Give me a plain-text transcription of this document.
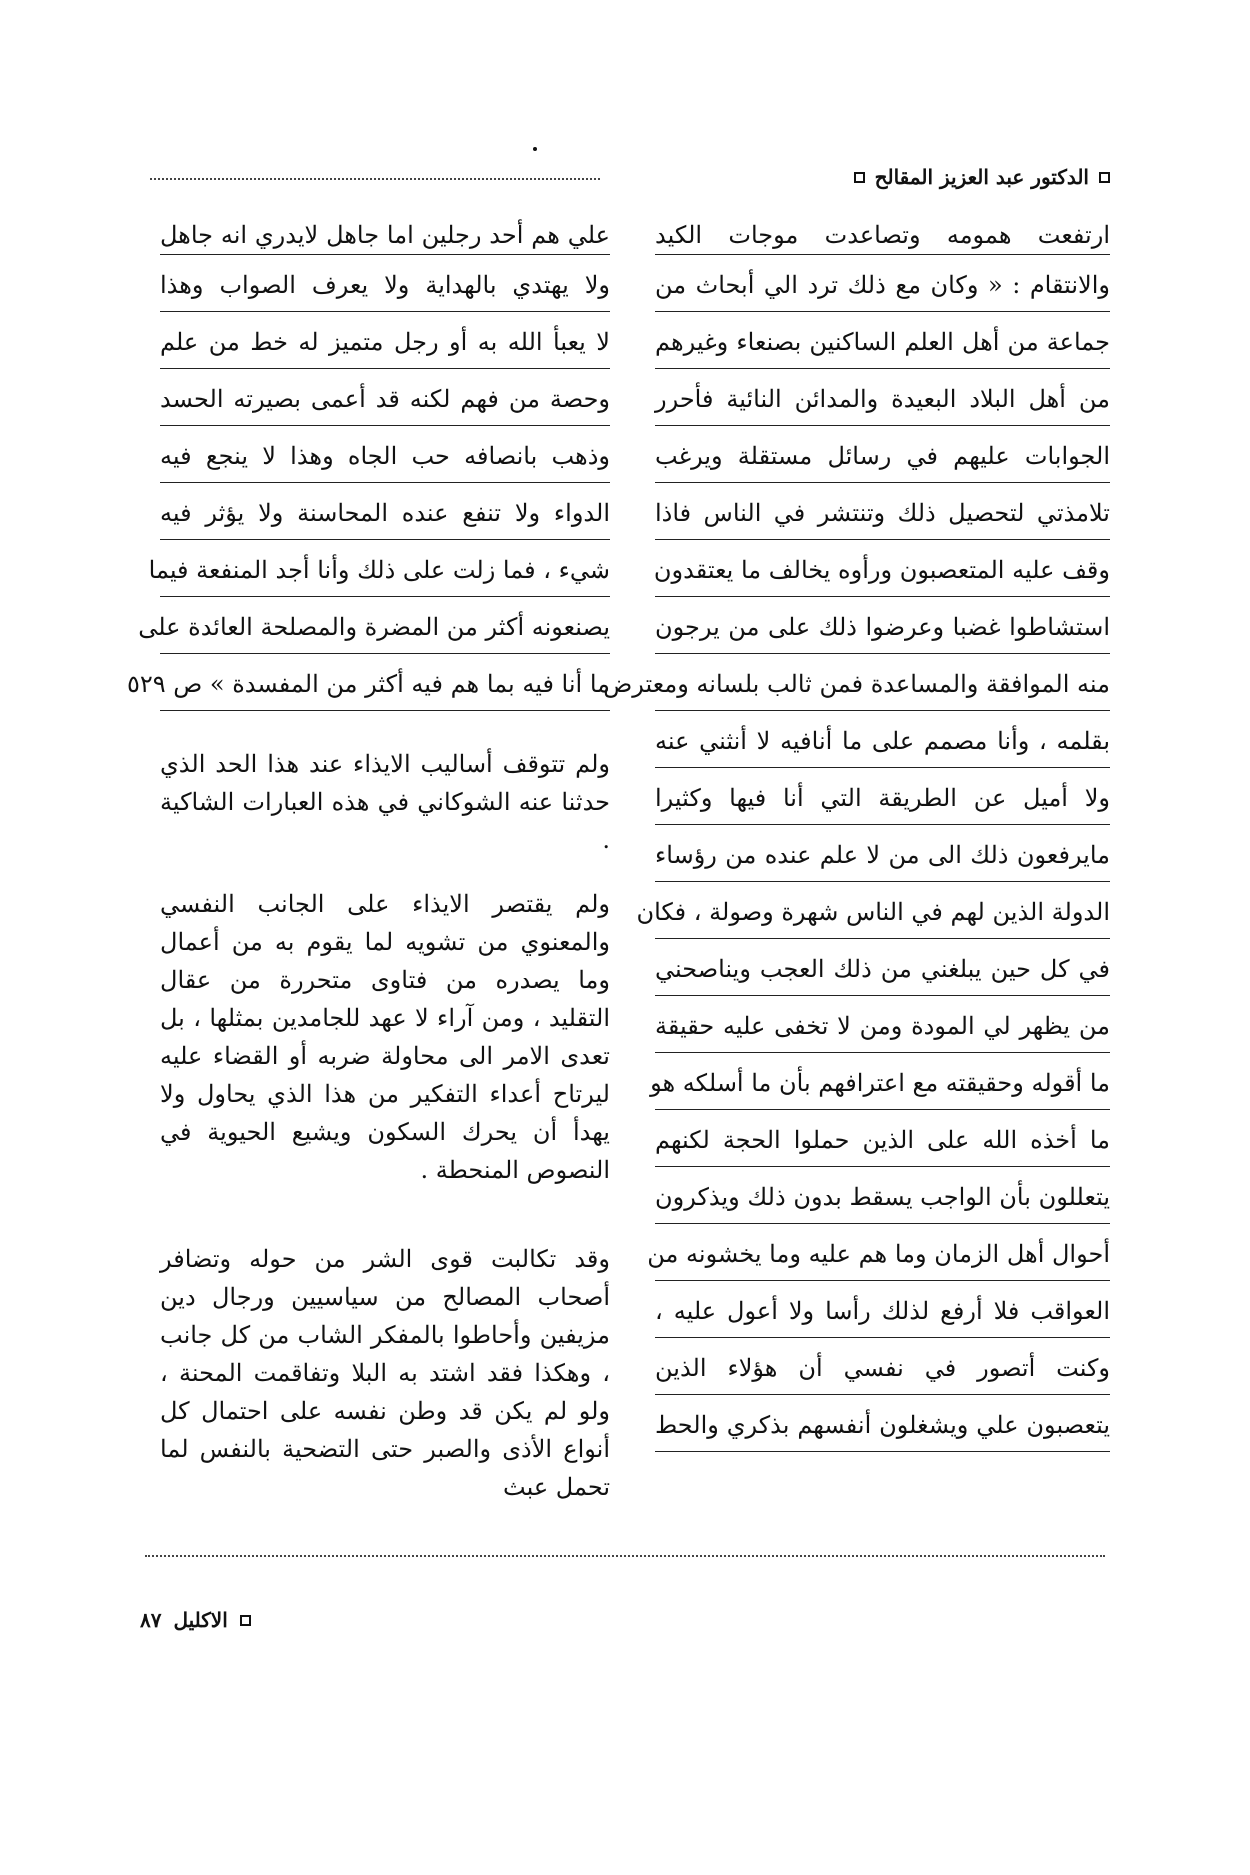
الدكتور عبد العزيز المقالح
ارتفعت همومه وتصاعدت موجات الكيد
والانتقام : « وكان مع ذلك ترد الي أبحاث من
جماعة من أهل العلم الساكنين بصنعاء وغيرهم
من أهل البلاد البعيدة والمدائن النائية فأحرر
الجوابات عليهم في رسائل مستقلة ويرغب
تلامذتي لتحصيل ذلك وتنتشر في الناس فاذا
وقف عليه المتعصبون ورأوه يخالف ما يعتقدون
استشاطوا غضبا وعرضوا ذلك على من يرجون
منه الموافقة والمساعدة فمن ثالب بلسانه ومعترض
بقلمه ، وأنا مصمم على ما أنافيه لا أنثني عنه
ولا أميل عن الطريقة التي أنا فيها وكثيرا
مايرفعون ذلك الى من لا علم عنده من رؤساء
الدولة الذين لهم في الناس شهرة وصولة ، فكان
في كل حين يبلغني من ذلك العجب ويناصحني
من يظهر لي المودة ومن لا تخفى عليه حقيقة
ما أقوله وحقيقته مع اعترافهم بأن ما أسلكه هو
ما أخذه الله على الذين حملوا الحجة لكنهم
يتعللون بأن الواجب يسقط بدون ذلك ويذكرون
أحوال أهل الزمان وما هم عليه وما يخشونه من
العواقب فلا أرفع لذلك رأسا ولا أعول عليه ،
وكنت أتصور في نفسي أن هؤلاء الذين
يتعصبون علي ويشغلون أنفسهم بذكري والحط
علي هم أحد رجلين اما جاهل لايدري انه جاهل
ولا يهتدي بالهداية ولا يعرف الصواب وهذا
لا يعبأ الله به أو رجل متميز له خط من علم
وحصة من فهم لكنه قد أعمى بصيرته الحسد
وذهب بانصافه حب الجاه وهذا لا ينجع فيه
الدواء ولا تنفع عنده المحاسنة ولا يؤثر فيه
شيء ، فما زلت على ذلك وأنا أجد المنفعة فيما
يصنعونه أكثر من المضرة والمصلحة العائدة على
ما أنا فيه بما هم فيه أكثر من المفسدة » ص ٥٢٩

ولم تتوقف أساليب الايذاء عند هذا الحد الذي حدثنا عنه الشوكاني في هذه العبارات الشاكية .

ولم يقتصر الايذاء على الجانب النفسي والمعنوي من تشويه لما يقوم به من أعمال وما يصدره من فتاوى متحررة من عقال التقليد ، ومن آراء لا عهد للجامدين بمثلها ، بل تعدى الامر الى محاولة ضربه أو القضاء عليه ليرتاح أعداء التفكير من هذا الذي يحاول ولا يهدأ أن يحرك السكون ويشيع الحيوية في النصوص المنحطة .

وقد تكالبت قوى الشر من حوله وتضافر أصحاب المصالح من سياسيين ورجال دين مزيفين وأحاطوا بالمفكر الشاب من كل جانب ، وهكذا فقد اشتد به البلا وتفاقمت المحنة ، ولو لم يكن قد وطن نفسه على احتمال كل أنواع الأذى والصبر حتى التضحية بالنفس لما تحمل عبث

الاكليل
٨٧
